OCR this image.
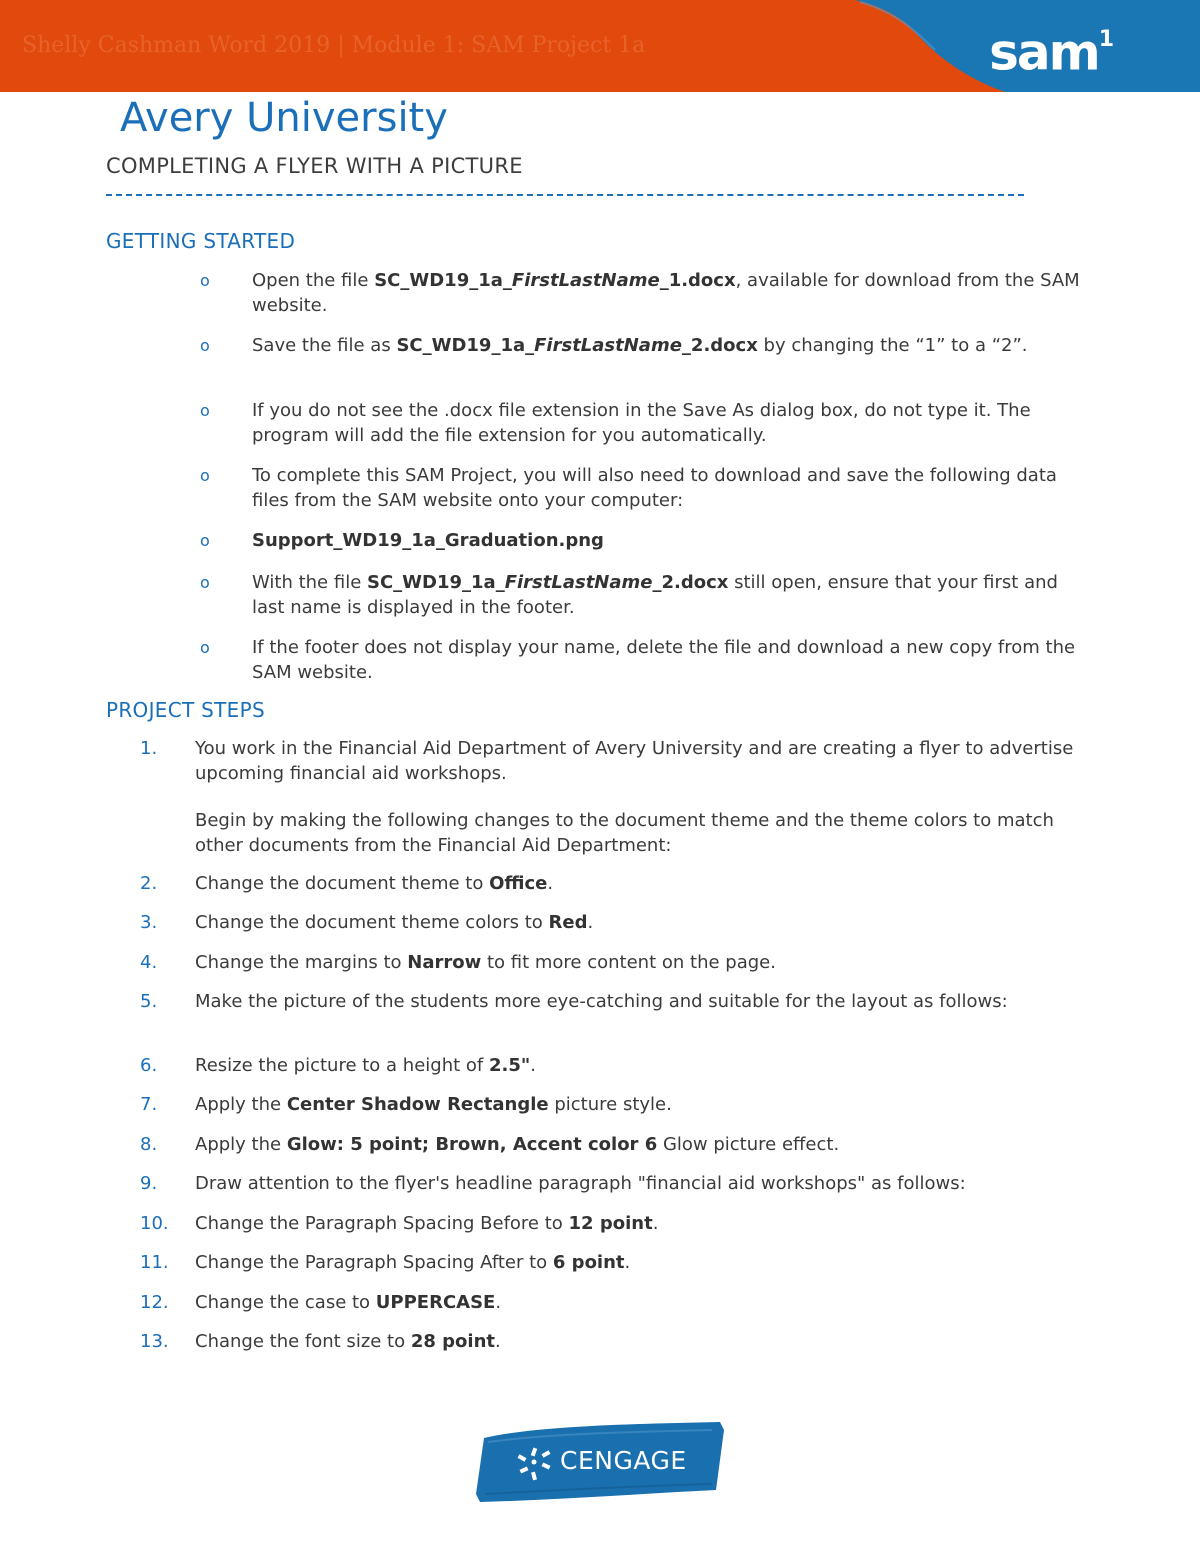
Shelly Cashman Word 2019 | Module 1: SAM Project 1a	sam$^1$
Avery University
COMPLETING A FLYER WITH A PICTURE
GETTING STARTED
o Open the file SC_WD19_1a_FirstLastName_1.docx, available for download from the SAM website.
o Save the file as SC_WD19_1a_FirstLastName_2.docx by changing the “1” to a “2”.
o If you do not see the .docx file extension in the Save As dialog box, do not type it. The program will add the file extension for you automatically.
o To complete this SAM Project, you will also need to download and save the following data files from the SAM website onto your computer:
o Support_WD19_1a_Graduation.png
o With the file SC_WD19_1a_FirstLastName_2.docx still open, ensure that your first and last name is displayed in the footer.
o If the footer does not display your name, delete the file and download a new copy from the SAM website.
PROJECT STEPS
1. You work in the Financial Aid Department of Avery University and are creating a flyer to advertise upcoming financial aid workshops.
Begin by making the following changes to the document theme and the theme colors to match other documents from the Financial Aid Department:
2. Change the document theme to Office.
3. Change the document theme colors to Red.
4. Change the margins to Narrow to fit more content on the page.
5. Make the picture of the students more eye-catching and suitable for the layout as follows:
6. Resize the picture to a height of 2.5".
7. Apply the Center Shadow Rectangle picture style.
8. Apply the Glow: 5 point; Brown, Accent color 6 Glow picture effect.
9. Draw attention to the flyer's headline paragraph "financial aid workshops" as follows:
10. Change the Paragraph Spacing Before to 12 point.
11. Change the Paragraph Spacing After to 6 point.
12. Change the case to UPPERCASE.
13. Change the font size to 28 point.
CENGAGE
